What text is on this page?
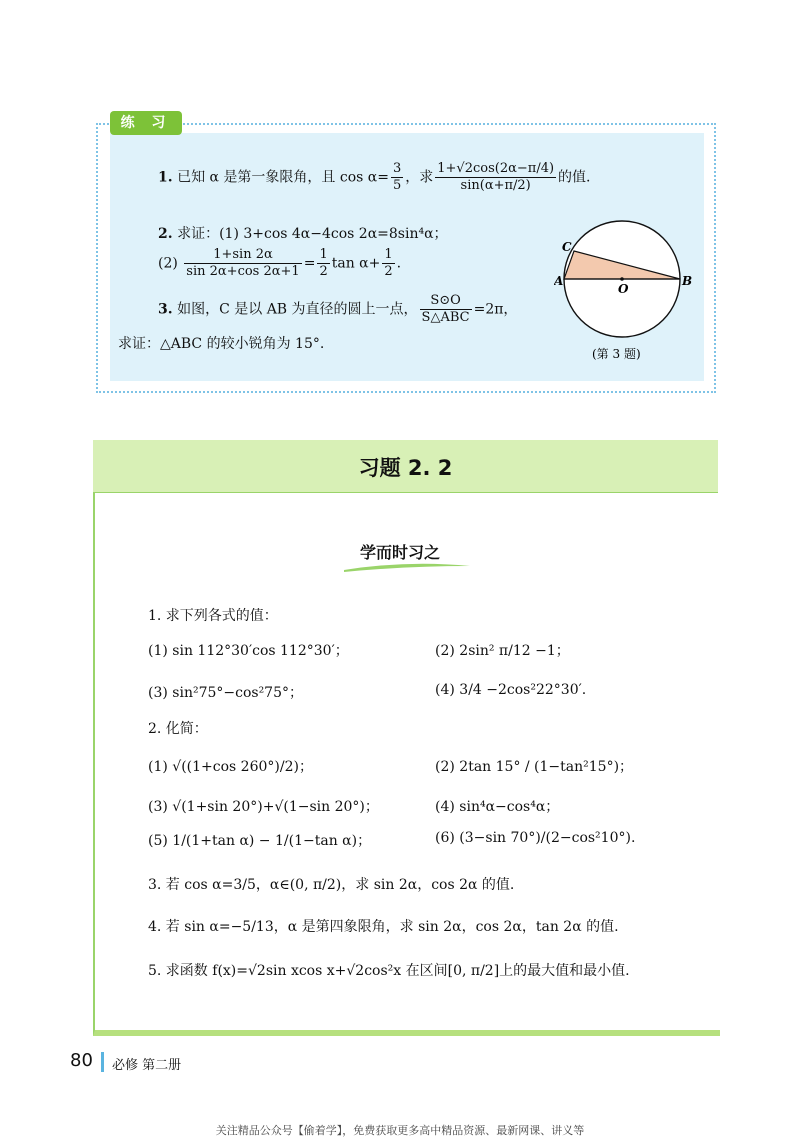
练 习
1. 已知 α 是第一象限角，且 $\cos \alpha= \frac{3}{5}$ ，求 $\frac{1+√2\cos(2\alpha-\pi/4)}{\sin(\alpha+\pi/2)}$ 的值.
2. 求证：(1) 3+cos 4α−4cos 2α=8sin⁴α；
$(2) \frac{1+\sin 2\alpha}{\sin 2\alpha+\cos 2\alpha+1} = \frac{1}{2}$ $\tan \alpha+ \frac{1}{2}$ .
3. 如图，C 是以 AB 为直径的圆上一点， $\frac{S⊙O}{\text{S△ABC}} =2\pi$，
求证：△ABC 的较小锐角为 15°.
A	B
C
O
(第 3 题)
习题 2. 2
学而时习之
1. 求下列各式的值：
(1) sin 112°30′cos 112°30′；	(2) 2sin² π/12 −1；
(3) sin²75°−cos²75°；	(4) 3/4 −2cos²22°30′.
2. 化简：
(1) √((1+cos 260°)/2)；	(2) 2tan 15° / (1−tan²15°)；
(3) √(1+sin 20°)+√(1−sin 20°)；	(4) sin⁴α−cos⁴α；
(5) 1/(1+tan α) − 1/(1−tan α)；	(6) (3−sin 70°)/(2−cos²10°).
3. 若 cos α=3/5，α∈(0, π/2)，求 sin 2α，cos 2α 的值.
4. 若 sin α=−5/13，α 是第四象限角，求 sin 2α，cos 2α，tan 2α 的值.
5. 求函数 f(x)=√2sin xcos x+√2cos²x 在区间[0, π/2]上的最大值和最小值.
80 必修 第二册
关注精品公众号【偷着学】，免费获取更多高中精品资源、最新网课、讲义等
